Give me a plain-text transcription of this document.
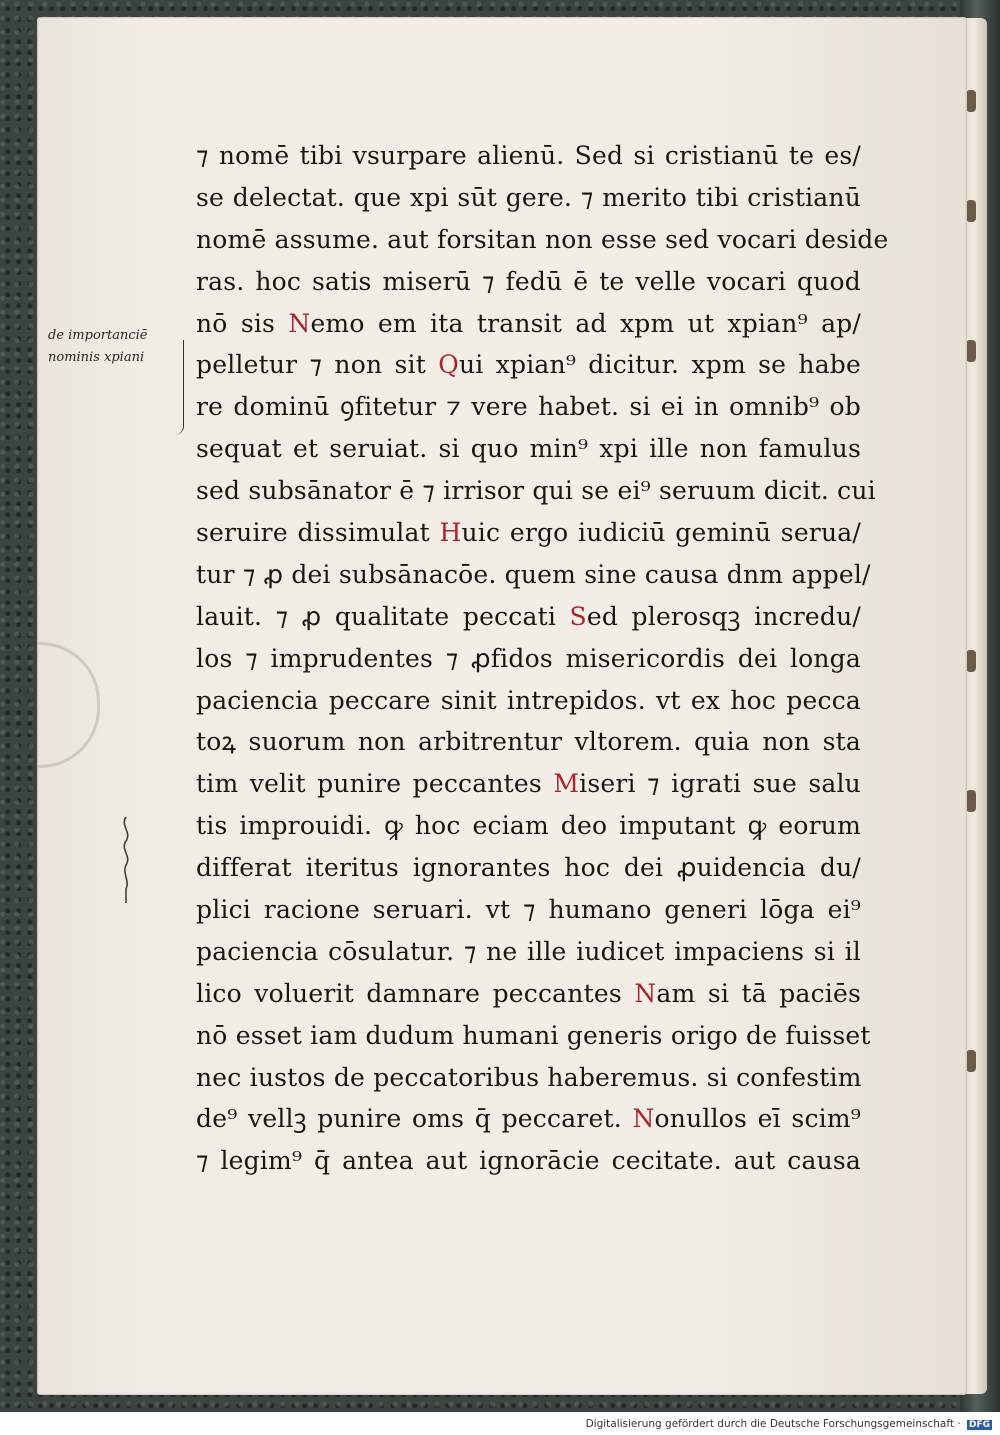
de importanciē
nominis xpiani
⁊ nomē tibi vsurpare alienū. Sed si cristianū te es/
se delectat. que xpi sūt gere. ⁊ merito tibi cristianū
nomē assume. aut forsitan non esse sed vocari deside
ras. hoc satis miserū ⁊ fedū ē te velle vocari quod
nō sis Nemo em ita transit ad xpm ut xpian⁹ ap/
pelletur ⁊ non sit Qui xpian⁹ dicitur. xpm se habe
re dominū ꝯfitetur ⁊ vere habet. si ei in omnib⁹ ob
sequat et seruiat. si quo min⁹ xpi ille non famulus
sed subsānator ē ⁊ irrisor qui se ei⁹ seruum dicit. cui
seruire dissimulat Huic ergo iudiciū geminū serua/
tur ⁊ ꝓ dei subsānacōe. quem sine causa dnm appel/
lauit. ⁊ ꝓ qualitate peccati Sed plerosqꝫ incredu/
los ⁊ imprudentes ⁊ ꝓfidos misericordis dei longa
paciencia peccare sinit intrepidos. vt ex hoc pecca
toꝝ suorum non arbitrentur vltorem. quia non sta
tim velit punire peccantes Miseri ⁊ igrati sue salu
tis improuidi. ꝙ hoc eciam deo imputant ꝙ eorum
differat iteritus ignorantes hoc dei ꝓuidencia du/
plici racione seruari. vt ⁊ humano generi lōga ei⁹
paciencia cōsulatur. ⁊ ne ille iudicet impaciens si il
lico voluerit damnare peccantes Nam si tā paciēs
nō esset iam dudum humani generis origo de fuisset
nec iustos de peccatoribus haberemus. si confestim
de⁹ vellꝫ punire oms q̄ peccaret. Nonullos eī scim⁹
⁊ legim⁹ q̄ antea aut ignorācie cecitate. aut causa
Digitalisierung gefördert durch die Deutsche Forschungsgemeinschaft · DFG
